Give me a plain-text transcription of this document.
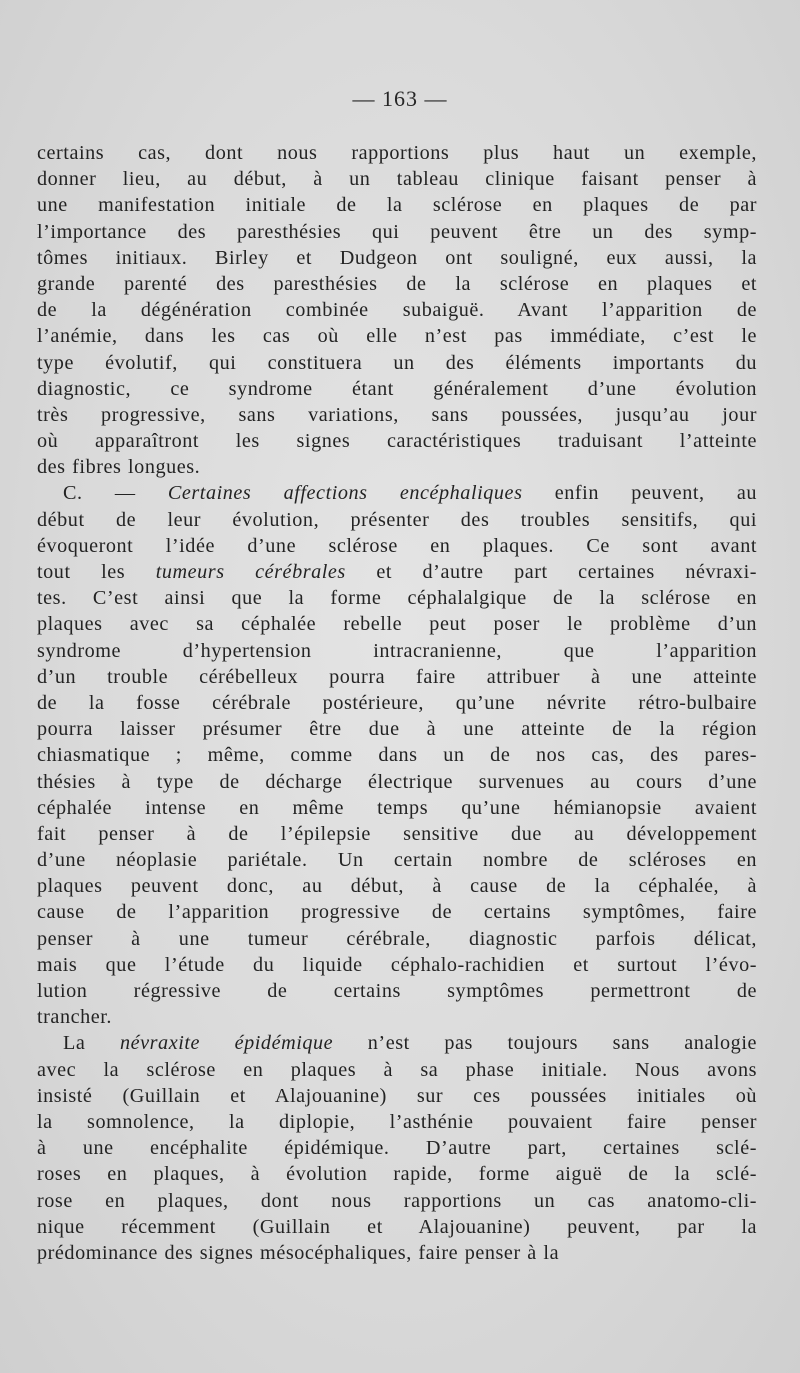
— 163 —
certains cas, dont nous rapportions plus haut un exemple,
donner lieu, au début, à un tableau clinique faisant penser à
une manifestation initiale de la sclérose en plaques de par
l’importance des paresthésies qui peuvent être un des symp-
tômes initiaux. Birley et Dudgeon ont souligné, eux aussi, la
grande parenté des paresthésies de la sclérose en plaques et
de la dégénération combinée subaiguë. Avant l’apparition de
l’anémie, dans les cas où elle n’est pas immédiate, c’est le
type évolutif, qui constituera un des éléments importants du
diagnostic, ce syndrome étant généralement d’une évolution
très progressive, sans variations, sans poussées, jusqu’au jour
où apparaîtront les signes caractéristiques traduisant l’atteinte
des fibres longues.
C. — Certaines affections encéphaliques enfin peuvent, au
début de leur évolution, présenter des troubles sensitifs, qui
évoqueront l’idée d’une sclérose en plaques. Ce sont avant
tout les tumeurs cérébrales et d’autre part certaines névraxi-
tes. C’est ainsi que la forme céphalalgique de la sclérose en
plaques avec sa céphalée rebelle peut poser le problème d’un
syndrome d’hypertension intracranienne, que l’apparition
d’un trouble cérébelleux pourra faire attribuer à une atteinte
de la fosse cérébrale postérieure, qu’une névrite rétro-bulbaire
pourra laisser présumer être due à une atteinte de la région
chiasmatique ; même, comme dans un de nos cas, des pares-
thésies à type de décharge électrique survenues au cours d’une
céphalée intense en même temps qu’une hémianopsie avaient
fait penser à de l’épilepsie sensitive due au développement
d’une néoplasie pariétale. Un certain nombre de scléroses en
plaques peuvent donc, au début, à cause de la céphalée, à
cause de l’apparition progressive de certains symptômes, faire
penser à une tumeur cérébrale, diagnostic parfois délicat,
mais que l’étude du liquide céphalo-rachidien et surtout l’évo-
lution régressive de certains symptômes permettront de
trancher.
La névraxite épidémique n’est pas toujours sans analogie
avec la sclérose en plaques à sa phase initiale. Nous avons
insisté (Guillain et Alajouanine) sur ces poussées initiales où
la somnolence, la diplopie, l’asthénie pouvaient faire penser
à une encéphalite épidémique. D’autre part, certaines sclé-
roses en plaques, à évolution rapide, forme aiguë de la sclé-
rose en plaques, dont nous rapportions un cas anatomo-cli-
nique récemment (Guillain et Alajouanine) peuvent, par la
prédominance des signes mésocéphaliques, faire penser à la
